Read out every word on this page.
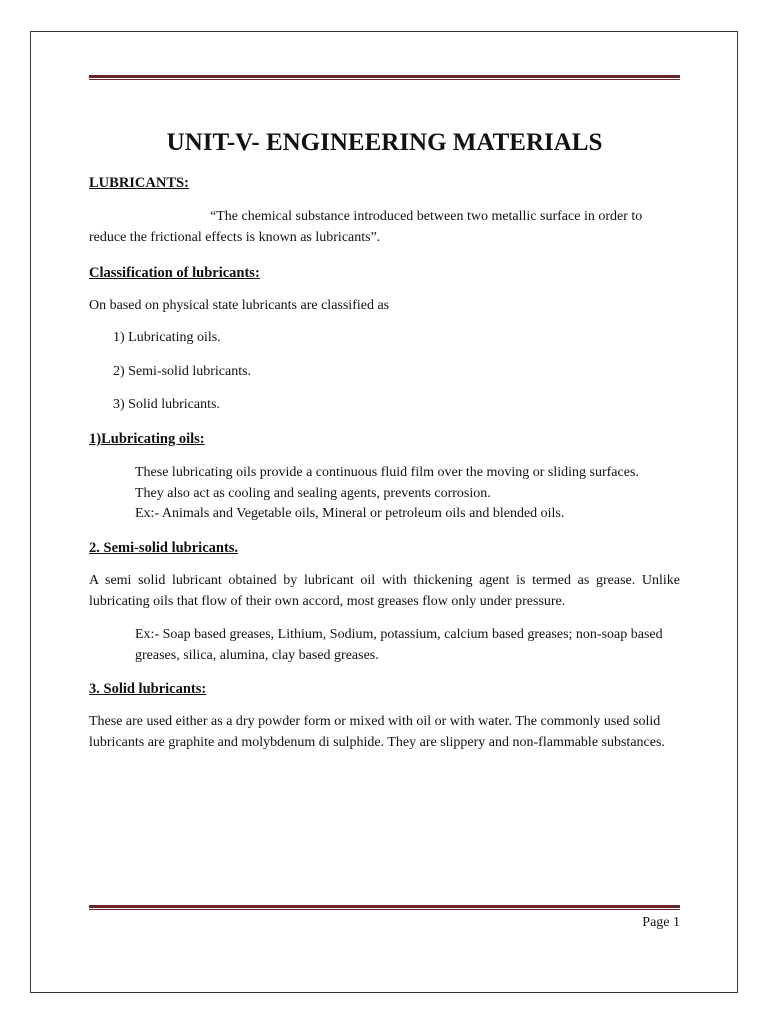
UNIT-V- ENGINEERING MATERIALS

LUBRICANTS:

“The chemical substance introduced between two metallic surface in order to

reduce the frictional effects is known as lubricants”.

Classification of lubricants:

On based on physical state lubricants are classified as

1) Lubricating oils.

2) Semi-solid lubricants.

3) Solid lubricants.

1)Lubricating oils:

These lubricating oils provide a continuous fluid film over the moving or sliding surfaces.

They also act as cooling and sealing agents, prevents corrosion.

Ex:- Animals and Vegetable oils, Mineral or petroleum oils and blended oils.

2. Semi-solid lubricants.

A semi solid lubricant obtained by lubricant oil with thickening agent is termed as grease. Unlike lubricating oils that flow of their own accord, most greases flow only under pressure.

Ex:- Soap based greases, Lithium, Sodium, potassium, calcium based greases; non-soap based greases, silica, alumina, clay based greases.

3. Solid lubricants:

These are used either as a dry powder form or mixed with oil or with water. The commonly used solid lubricants are graphite and molybdenum di sulphide. They are slippery and non-flammable substances.

Page 1
